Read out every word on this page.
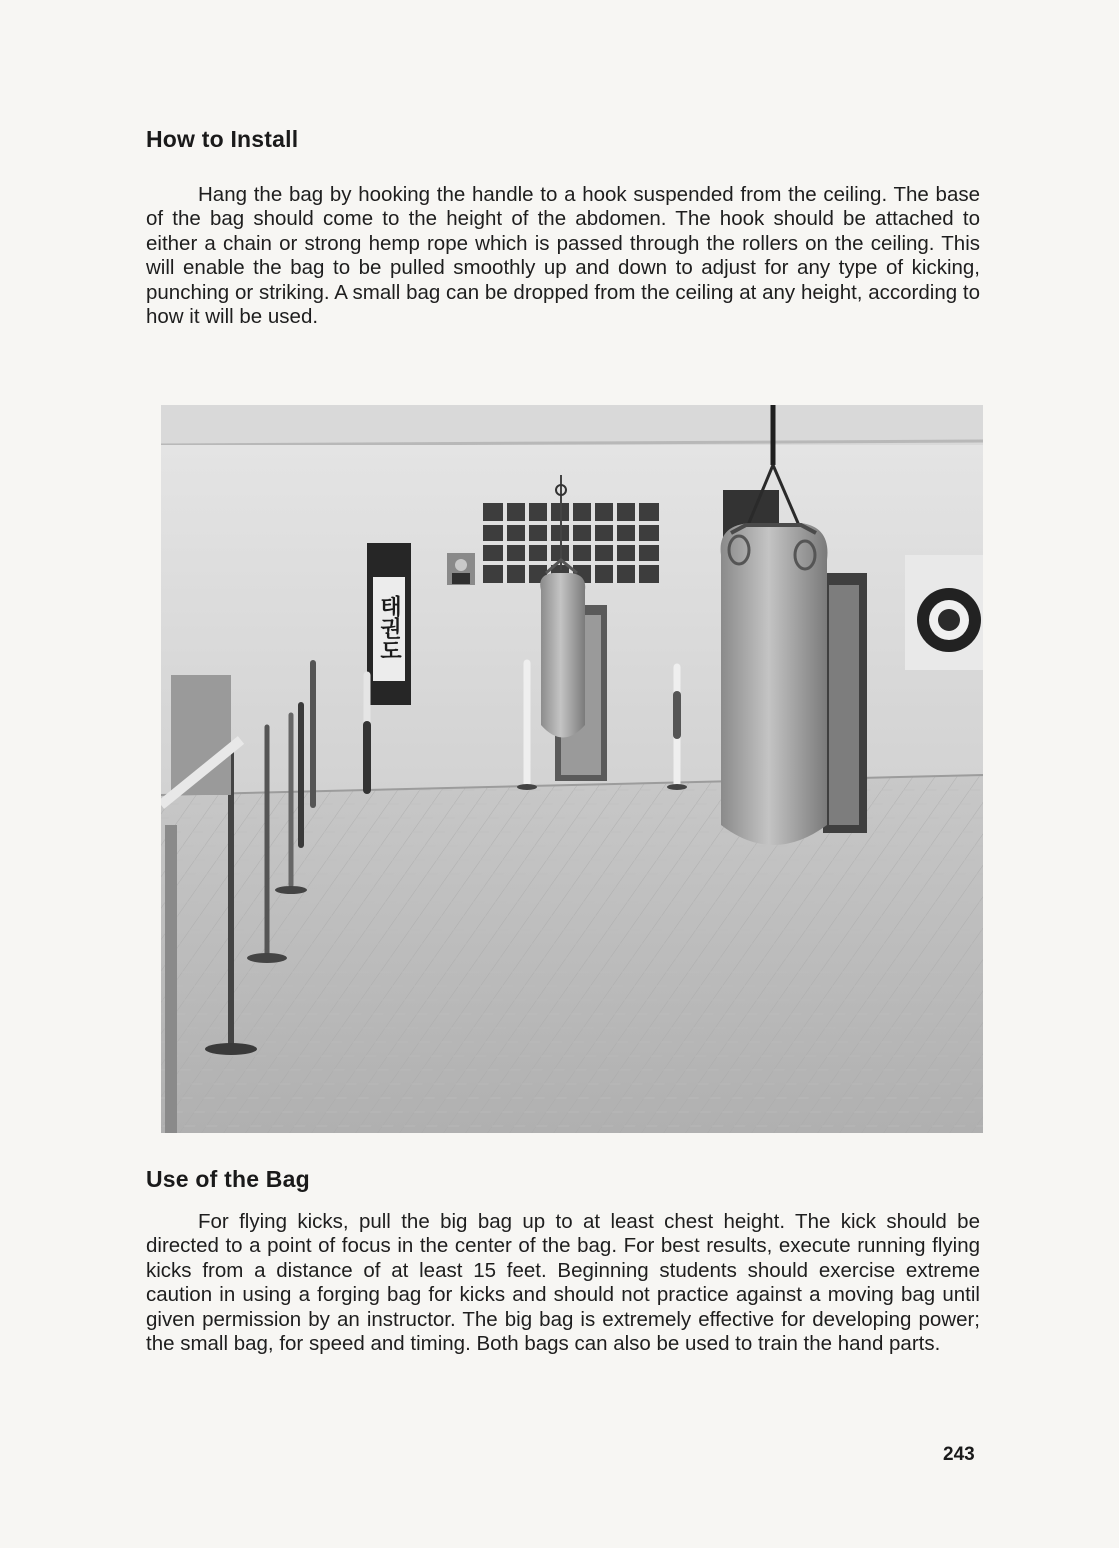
How to Install

Hang the bag by hooking the handle to a hook suspended from the ceiling. The base of the bag should come to the height of the abdomen. The hook should be attached to either a chain or strong hemp rope which is passed through the rollers on the ceiling. This will enable the bag to be pulled smoothly up and down to adjust for any type of kicking, punching or striking. A small bag can be dropped from the ceiling at any height, according to how it will be used.

태권도
Use of the Bag

For flying kicks, pull the big bag up to at least chest height. The kick should be directed to a point of focus in the center of the bag. For best results, execute running flying kicks from a distance of at least 15 feet. Beginning students should exercise extreme caution in using a forging bag for kicks and should not practice against a moving bag until given permission by an instructor. The big bag is extremely effective for developing power; the small bag, for speed and timing. Both bags can also be used to train the hand parts.

243
